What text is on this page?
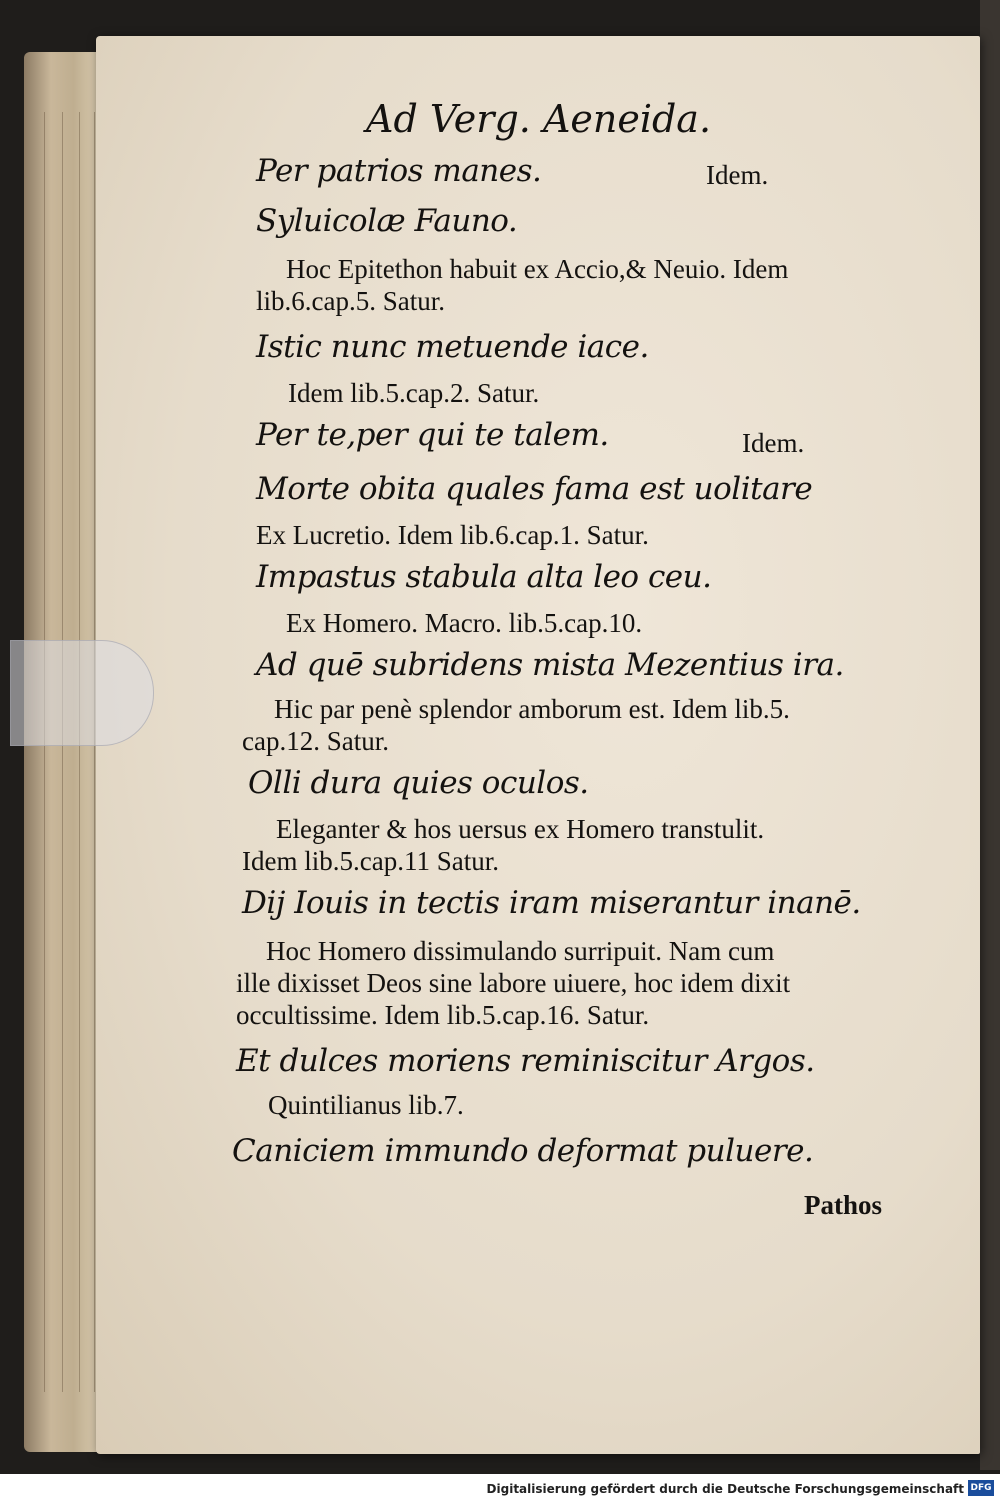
Ad Verg. Aeneida.
Per patrios manes.	Idem.
Syluicolæ Fauno.
Hoc Epitethon habuit ex Accio,& Neuio. Idem
lib.6.cap.5. Satur.
Istic nunc metuende iace.
Idem lib.5.cap.2. Satur.
Per te,per qui te talem.	Idem.
Morte obita quales fama est uolitare
Ex Lucretio. Idem lib.6.cap.1. Satur.
Impastus stabula alta leo ceu.
Ex Homero. Macro. lib.5.cap.10.
Ad quē subridens mista Mezentius ira.
Hic par penè splendor amborum est. Idem lib.5.
cap.12. Satur.
Olli dura quies oculos.
Eleganter & hos uersus ex Homero transtulit.
Idem lib.5.cap.11 Satur.
Dij Iouis in tectis iram miserantur inanē.
Hoc Homero dissimulando surripuit. Nam cum
ille dixisset Deos sine labore uiuere, hoc idem dixit
occultissime. Idem lib.5.cap.16. Satur.
Et dulces moriens reminiscitur Argos.
Quintilianus lib.7.
Caniciem immundo deformat puluere.
Pathos
Digitalisierung gefördert durch die Deutsche Forschungsgemeinschaft DFG
